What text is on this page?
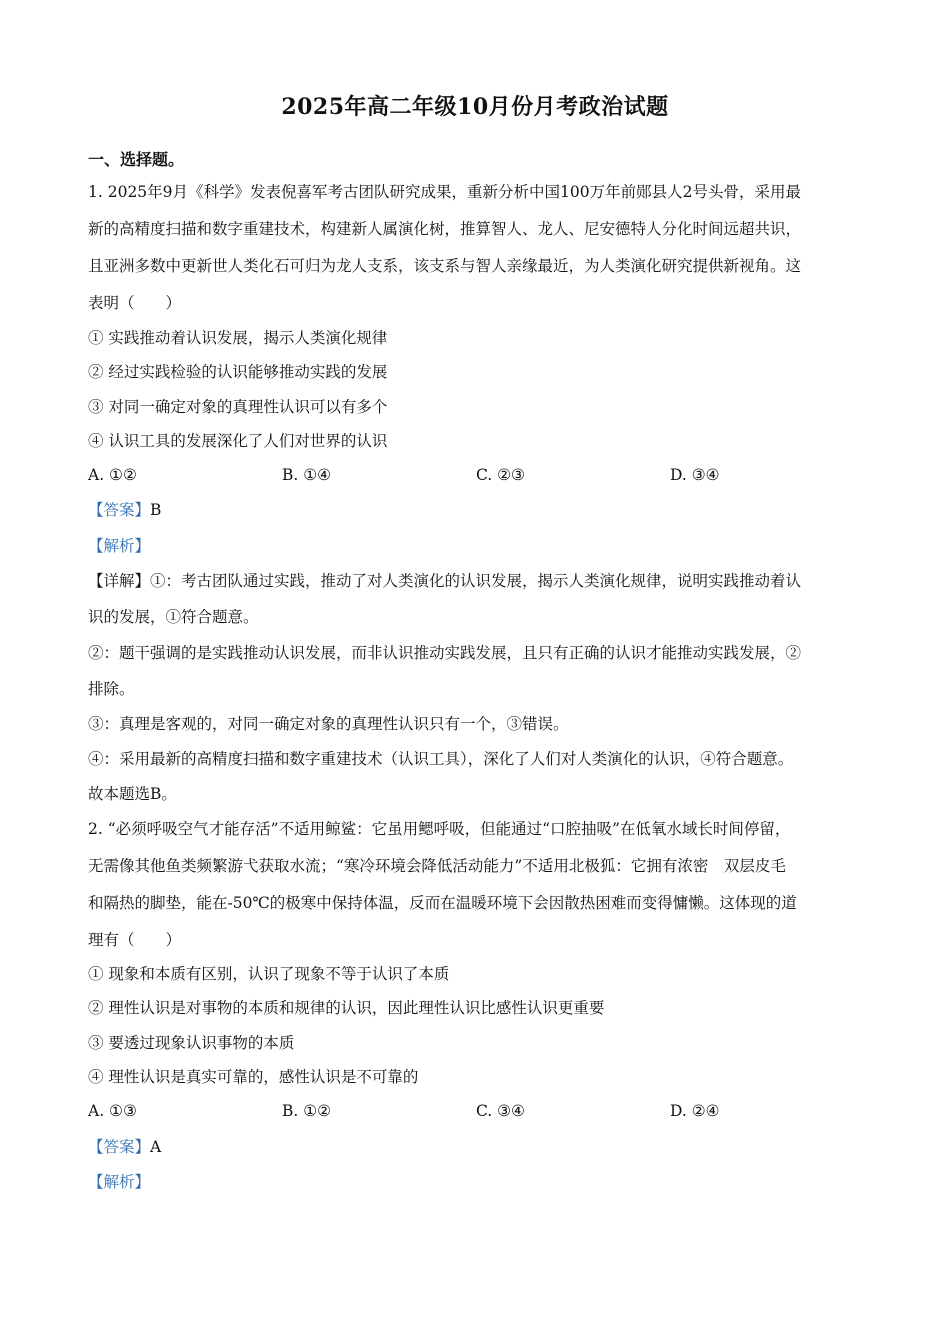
2025年高二年级10月份月考政治试题
一、选择题。
1. 2025年9月《科学》发表倪喜军考古团队研究成果，重新分析中国100万年前郧县人2号头骨，采用最
新的高精度扫描和数字重建技术，构建新人属演化树，推算智人、龙人、尼安德特人分化时间远超共识，
且亚洲多数中更新世人类化石可归为龙人支系，该支系与智人亲缘最近，为人类演化研究提供新视角。这
表明（　　）
① 实践推动着认识发展，揭示人类演化规律
② 经过实践检验的认识能够推动实践的发展
③ 对同一确定对象的真理性认识可以有多个
④ 认识工具的发展深化了人们对世界的认识
A. ①②	B. ①④	C. ②③	D. ③④
【答案】B
【解析】
【详解】①：考古团队通过实践，推动了对人类演化的认识发展，揭示人类演化规律，说明实践推动着认
识的发展，①符合题意。
②：题干强调的是实践推动认识发展，而非认识推动实践发展，且只有正确的认识才能推动实践发展，②
排除。
③：真理是客观的，对同一确定对象的真理性认识只有一个，③错误。
④：采用最新的高精度扫描和数字重建技术（认识工具），深化了人们对人类演化的认识，④符合题意。
故本题选B。
2. “必须呼吸空气才能存活”不适用鲸鲨：它虽用鳃呼吸，但能通过“口腔抽吸”在低氧水域长时间停留，
无需像其他鱼类频繁游弋获取水流；“寒冷环境会降低活动能力”不适用北极狐：它拥有浓密　双层皮毛
和隔热的脚垫，能在-50℃的极寒中保持体温，反而在温暖环境下会因散热困难而变得慵懒。这体现的道
理有（　　）
① 现象和本质有区别，认识了现象不等于认识了本质
② 理性认识是对事物的本质和规律的认识，因此理性认识比感性认识更重要
③ 要透过现象认识事物的本质
④ 理性认识是真实可靠的，感性认识是不可靠的
A. ①③	B. ①②	C. ③④	D. ②④
【答案】A
【解析】
